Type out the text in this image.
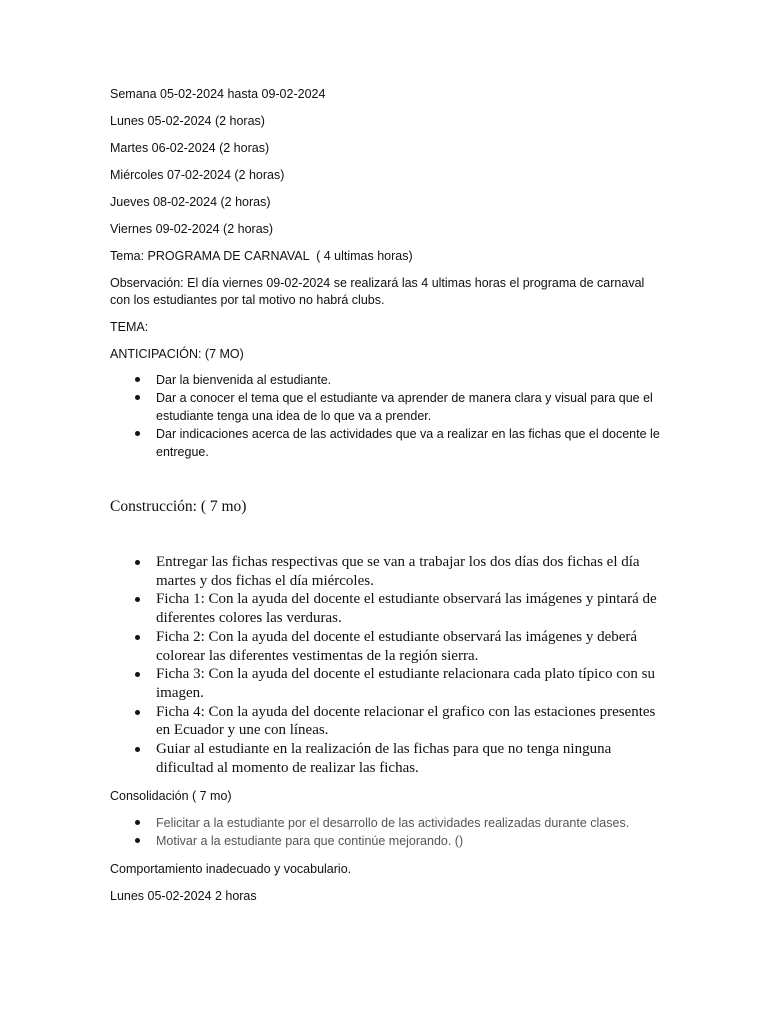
Semana 05-02-2024 hasta 09-02-2024

Lunes 05-02-2024 (2 horas)

Martes 06-02-2024 (2 horas)

Miércoles 07-02-2024 (2 horas)

Jueves 08-02-2024 (2 horas)

Viernes 09-02-2024 (2 horas)

Tema: PROGRAMA DE CARNAVAL  ( 4 ultimas horas)

Observación: El día viernes 09-02-2024 se realizará las 4 ultimas horas el programa de carnaval con los estudiantes por tal motivo no habrá clubs.

TEMA:

ANTICIPACIÓN: (7 MO)

Dar la bienvenida al estudiante.
Dar a conocer el tema que el estudiante va aprender de manera clara y visual para que el estudiante tenga una idea de lo que va a prender.
Dar indicaciones acerca de las actividades que va a realizar en las fichas que el docente le entregue.

Construcción: ( 7 mo)

Entregar las fichas respectivas que se van a trabajar los dos días dos fichas el día martes y dos fichas el día miércoles.
Ficha 1: Con la ayuda del docente el estudiante observará las imágenes y pintará de diferentes colores las verduras.
Ficha 2: Con la ayuda del docente el estudiante observará las imágenes y deberá colorear las diferentes vestimentas de la región sierra.
Ficha 3: Con la ayuda del docente el estudiante relacionara cada plato típico con su imagen.
Ficha 4: Con la ayuda del docente relacionar el grafico con las estaciones presentes en Ecuador y une con líneas.
Guiar al estudiante en la realización de las fichas para que no tenga ninguna dificultad al momento de realizar las fichas.

Consolidación ( 7 mo)

Felicitar a la estudiante por el desarrollo de las actividades realizadas durante clases.
Motivar a la estudiante para que continúe mejorando. ()

Comportamiento inadecuado y vocabulario.

Lunes 05-02-2024 2 horas
